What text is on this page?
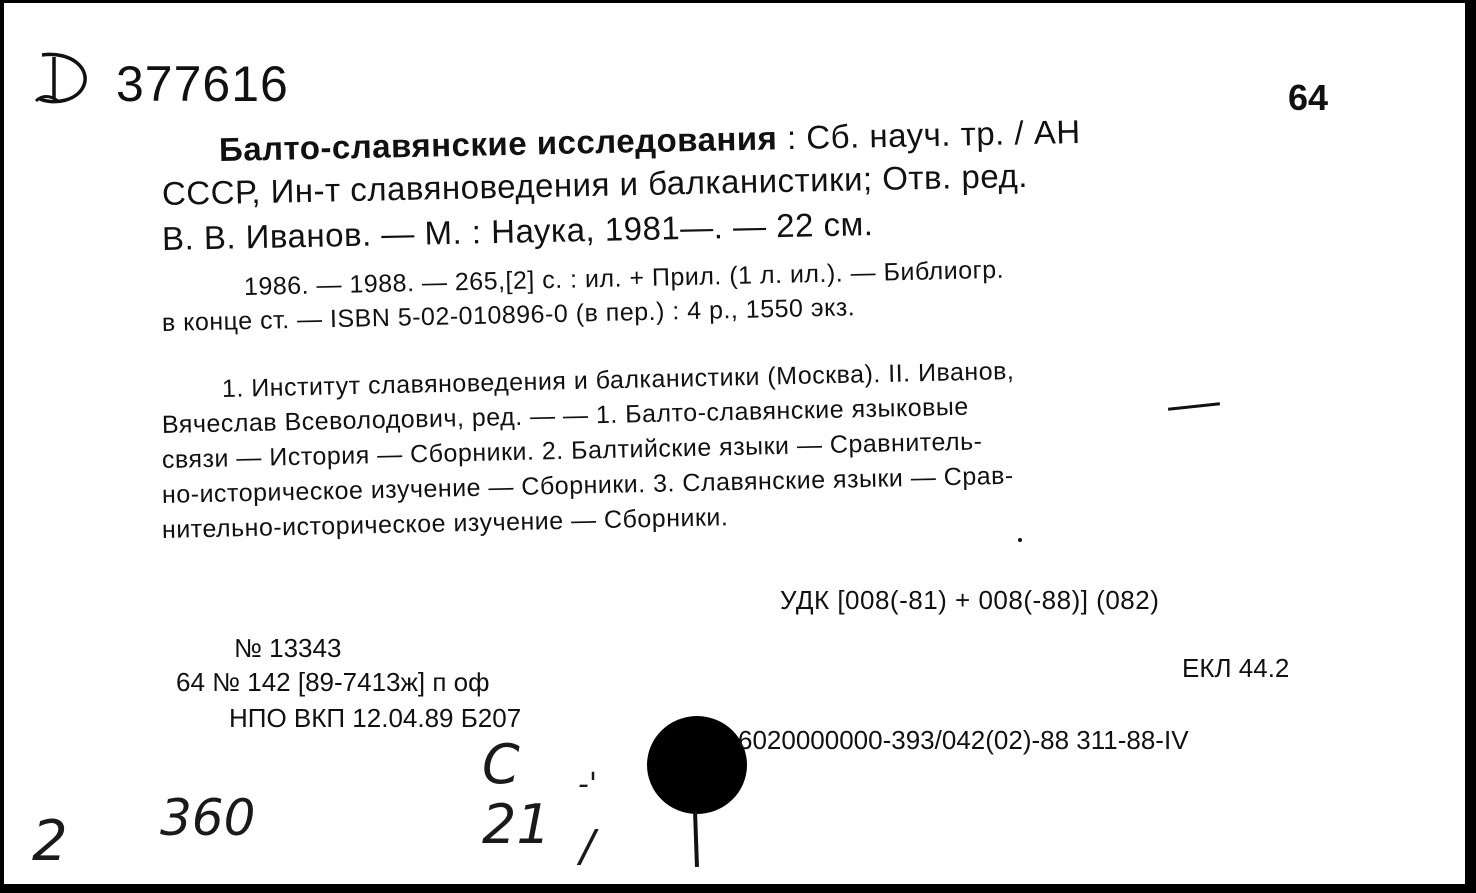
377616	64
Балто-славянские исследования : Сб. науч. тр. / АН
СССР, Ин-т славяноведения и балканистики; Отв. ред.
В. В. Иванов. — М. : Наука, 1981—. — 22 см.
1986. — 1988. — 265,[2] с. : ил. + Прил. (1 л. ил.). — Библиогр.
в конце ст. — ISBN 5-02-010896-0 (в пер.) : 4 р., 1550 экз.
1. Институт славяноведения и балканистики (Москва). II. Иванов,
Вячеслав Всеволодович, ред. — — 1. Балто-славянские языковые
связи — История — Сборники. 2. Балтийские языки — Сравнитель-
но-историческое изучение — Сборники. 3. Славянские языки — Срав-
нительно-историческое изучение — Сборники.
УДК [008(-81) + 008(-88)] (082)
№ 13343
64 № 142 [89-7413ж] п оф
НПО ВКП 12.04.89 Б207
ЕКЛ 44.2
6020000000-393/042(02)-88 311-88-IV
C -'
21 /
360
2
